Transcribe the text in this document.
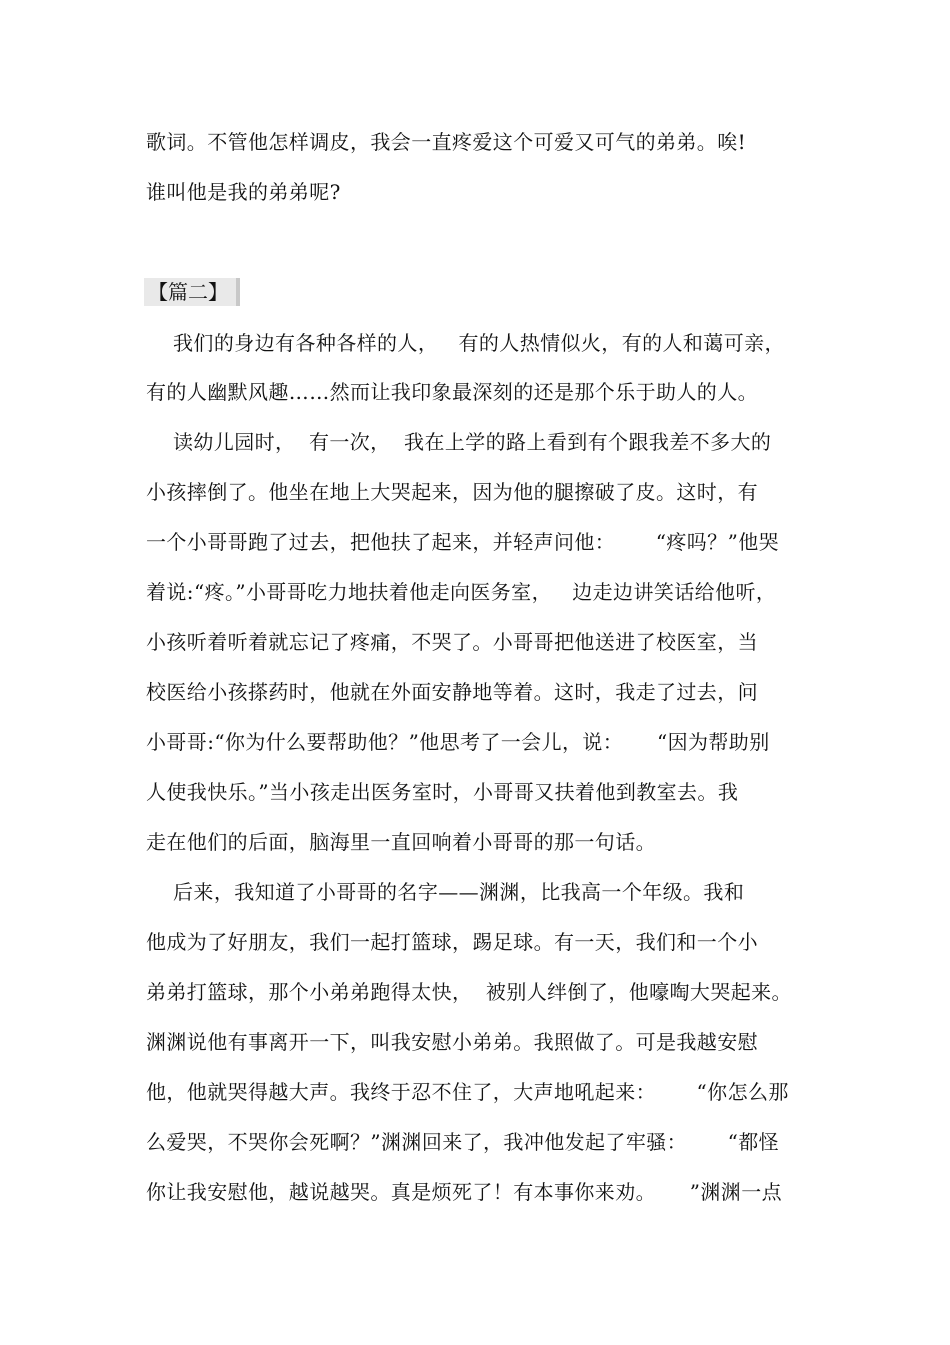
歌词。不管他怎样调皮，我会一直疼爱这个可爱又可气的弟弟。唉!
谁叫他是我的弟弟呢?
【篇二】
我们的身边有各种各样的人，   有的人热情似火，有的人和蔼可亲，
有的人幽默风趣……然而让我印象最深刻的还是那个乐于助人的人。
读幼儿园时，  有一次，  我在上学的路上看到有个跟我差不多大的
小孩摔倒了。他坐在地上大哭起来，因为他的腿擦破了皮。这时，有
一个小哥哥跑了过去，把他扶了起来，并轻声问他：      “疼吗？”他哭
着说:“疼。”小哥哥吃力地扶着他走向医务室，   边走边讲笑话给他听，
小孩听着听着就忘记了疼痛，不哭了。小哥哥把他送进了校医室，当
校医给小孩搽药时，他就在外面安静地等着。这时，我走了过去，问
小哥哥:“你为什么要帮助他？”他思考了一会儿，说：     “因为帮助别
人使我快乐。”当小孩走出医务室时，小哥哥又扶着他到教室去。我
走在他们的后面，脑海里一直回响着小哥哥的那一句话。
后来，我知道了小哥哥的名字——渊渊，比我高一个年级。我和
他成为了好朋友，我们一起打篮球，踢足球。有一天，我们和一个小
弟弟打篮球，那个小弟弟跑得太快，  被别人绊倒了，他嚎啕大哭起来。
渊渊说他有事离开一下，叫我安慰小弟弟。我照做了。可是我越安慰
他，他就哭得越大声。我终于忍不住了，大声地吼起来：      “你怎么那
么爱哭，不哭你会死啊？”渊渊回来了，我冲他发起了牢骚：      “都怪
你让我安慰他，越说越哭。真是烦死了！有本事你来劝。     ”渊渊一点
